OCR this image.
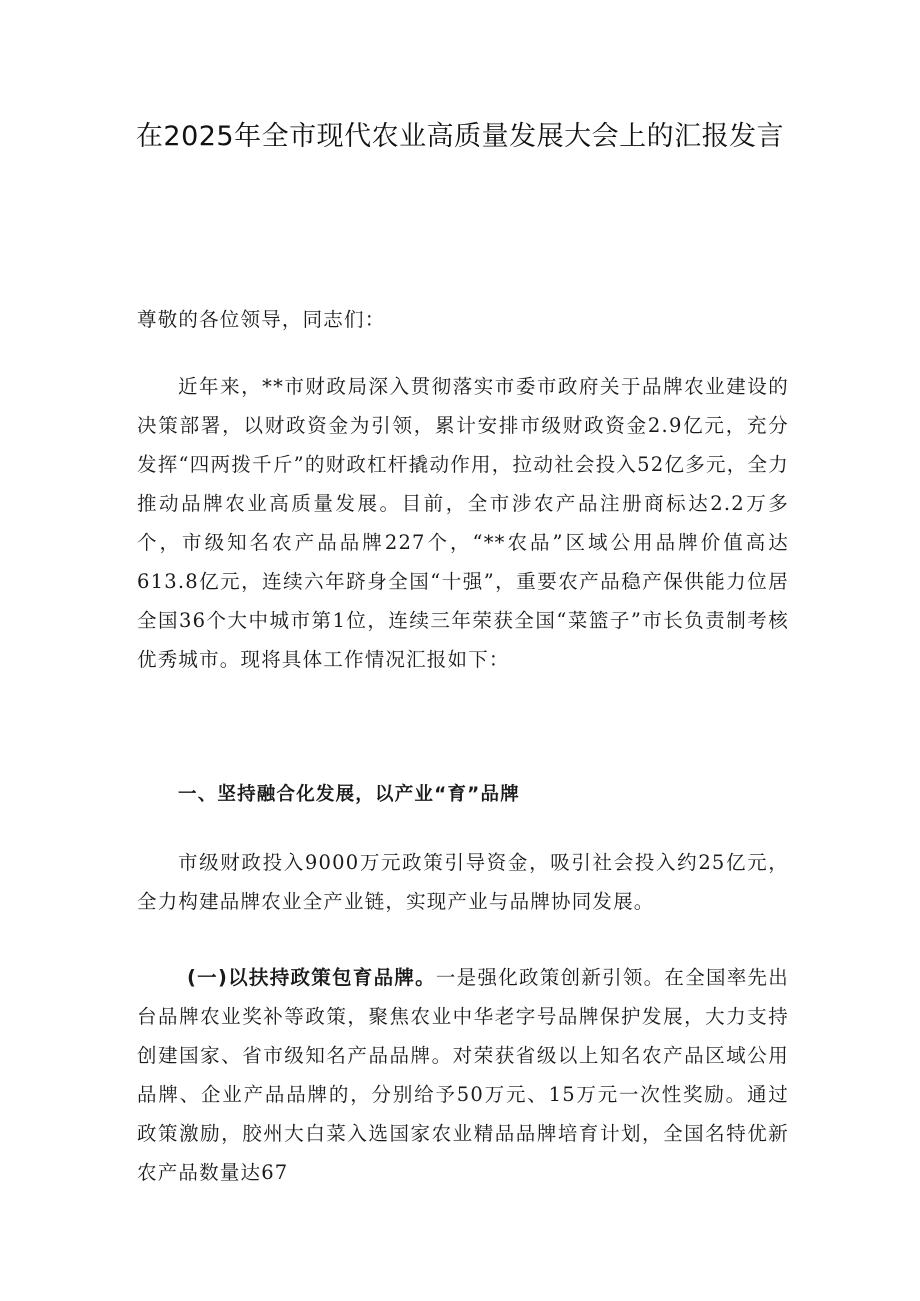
在2025年全市现代农业高质量发展大会上的汇报发言
尊敬的各位领导，同志们：
近年来，**市财政局深入贯彻落实市委市政府关于品牌农业建设的决策部署，以财政资金为引领，累计安排市级财政资金2.9亿元，充分发挥“四两拨千斤”的财政杠杆撬动作用，拉动社会投入52亿多元，全力推动品牌农业高质量发展。目前，全市涉农产品注册商标达2.2万多个，市级知名农产品品牌227个，“**农品”区域公用品牌价值高达613.8亿元，连续六年跻身全国“十强”，重要农产品稳产保供能力位居全国36个大中城市第1位，连续三年荣获全国“菜篮子”市长负责制考核优秀城市。现将具体工作情况汇报如下：
一、坚持融合化发展，以产业“育”品牌
市级财政投入9000万元政策引导资金，吸引社会投入约25亿元，全力构建品牌农业全产业链，实现产业与品牌协同发展。
(一)以扶持政策包育品牌。一是强化政策创新引领。在全国率先出台品牌农业奖补等政策，聚焦农业中华老字号品牌保护发展，大力支持创建国家、省市级知名产品品牌。对荣获省级以上知名农产品区域公用品牌、企业产品品牌的，分别给予50万元、15万元一次性奖励。通过政策激励，胶州大白菜入选国家农业精品品牌培育计划，全国名特优新农产品数量达67
